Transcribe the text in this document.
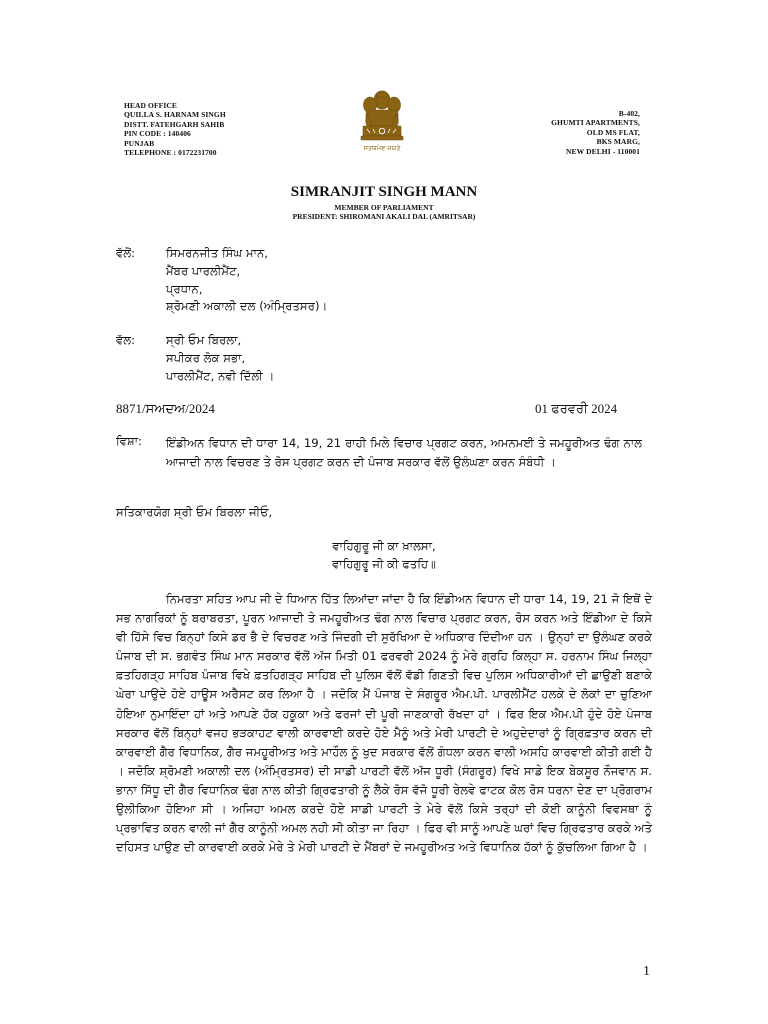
HEAD OFFICE
QUILLA S. HARNAM SINGH
DISTT. FATEHGARH SAHIB
PIN CODE : 140406
PUNJAB
TELEPHONE : 0172231700
ਸਤਯਮੇਵ ਜਯਤੇ
B-402,
GHUMTI APARTMENTS,
OLD MS FLAT,
BKS MARG,
NEW DELHI - 110001
SIMRANJIT SINGH MANN
MEMBER OF PARLIAMENT
PRESIDENT: SHIROMANI AKALI DAL (AMRITSAR)
ਵੱਲੋਂ:	ਸਿਮਰਨਜੀਤ ਸਿੰਘ ਮਾਨ,
ਮੈਂਬਰ ਪਾਰਲੀਮੈਂਟ,
ਪ੍ਰਧਾਨ,
ਸ਼੍ਰੋਮਣੀ ਅਕਾਲੀ ਦਲ (ਅੰਮ੍ਰਿਤਸਰ)।
ਵੱਲ:	ਸ੍ਰੀ ਓਮ ਬਿਰਲਾ,
ਸਪੀਕਰ ਲੋਕ ਸਭਾ,
ਪਾਰਲੀਮੈਂਟ, ਨਵੀ ਦਿੱਲੀ ।
8871/ਸਅਦਅ/2024	01 ਫਰਵਰੀ 2024
ਵਿਸ਼ਾ: ਇੰਡੀਅਨ ਵਿਧਾਨ ਦੀ ਧਾਰਾ 14, 19, 21 ਰਾਹੀ ਮਿਲੇ ਵਿਚਾਰ ਪ੍ਰਗਟ ਕਰਨ, ਅਮਨਮਈ ਤੇ ਜਮਹੂਰੀਅਤ ਢੰਗ ਨਾਲ ਆਜਾਦੀ ਨਾਲ ਵਿਚਰਣ ਤੇ ਰੋਸ ਪ੍ਰਗਟ ਕਰਨ ਦੀ ਪੰਜਾਬ ਸਰਕਾਰ ਵੱਲੋਂ ਉਲੰਘਣਾ ਕਰਨ ਸੰਬੰਧੀ ।
ਸਤਿਕਾਰਯੋਗ ਸ੍ਰੀ ਓਮ ਬਿਰਲਾ ਜੀਓ,
ਵਾਹਿਗੁਰੂ ਜੀ ਕਾ ਖ਼ਾਲਸਾ,
ਵਾਹਿਗੁਰੂ ਜੀ ਕੀ ਫਤਹਿ॥
ਨਿਮਰਤਾ ਸਹਿਤ ਆਪ ਜੀ ਦੇ ਧਿਆਨ ਹਿੱਤ ਲਿਆਂਦਾ ਜਾਂਦਾ ਹੈ ਕਿ ਇੰਡੀਅਨ ਵਿਧਾਨ ਦੀ ਧਾਰਾ 14, 19, 21 ਜੋ ਇਥੋਂ ਦੇ ਸਭ ਨਾਗਰਿਕਾਂ ਨੂੰ ਬਰਾਬਰਤਾ, ਪੂਰਨ ਆਜਾਦੀ ਤੇ ਜਮਹੂਰੀਅਤ ਢੰਗ ਨਾਲ ਵਿਚਾਰ ਪ੍ਰਗਟ ਕਰਨ, ਰੋਸ ਕਰਨ ਅਤੇ ਇੰਡੀਆ ਦੇ ਕਿਸੇ ਵੀ ਹਿੱਸੇ ਵਿਚ ਬਿਨ੍ਹਾਂ ਕਿਸੇ ਡਰ ਭੈ ਦੇ ਵਿਚਰਣ ਅਤੇ ਜਿੰਦਗੀ ਦੀ ਸੁਰੱਖਿਆ ਦੇ ਅਧਿਕਾਰ ਦਿੰਦੀਆ ਹਨ । ਉਨ੍ਹਾਂ ਦਾ ਉਲੰਘਣ ਕਰਕੇ ਪੰਜਾਬ ਦੀ ਸ. ਭਗਵੰਤ ਸਿੰਘ ਮਾਨ ਸਰਕਾਰ ਵੱਲੋਂ ਅੱਜ ਮਿਤੀ 01 ਫਰਵਰੀ 2024 ਨੂੰ ਮੇਰੇ ਗ੍ਰਹਿ ਕਿਲ੍ਹਾ ਸ. ਹਰਨਾਮ ਸਿੰਘ ਜਿਲ੍ਹਾ ਫ਼ਤਹਿਗੜ੍ਹ ਸਾਹਿਬ ਪੰਜਾਬ ਵਿਖੇ ਫ਼ਤਹਿਗੜ੍ਹ ਸਾਹਿਬ ਦੀ ਪੁਲਿਸ ਵੱਲੋਂ ਵੱਡੀ ਗਿਣਤੀ ਵਿਚ ਪੁਲਿਸ ਅਧਿਕਾਰੀਆਂ ਦੀ ਛਾਉਣੀ ਬਣਾਕੇ ਘੇਰਾ ਪਾਉਦੇ ਹੋਏ ਹਾਊਸ ਅਰੈਸਟ ਕਰ ਲਿਆ ਹੈ । ਜਦੋਕਿ ਮੈਂ ਪੰਜਾਬ ਦੇ ਸੰਗਰੂਰ ਐਮ.ਪੀ. ਪਾਰਲੀਮੈਂਟ ਹਲਕੇ ਦੇ ਲੋਕਾਂ ਦਾ ਚੁਣਿਆ ਹੋਇਆ ਨੁਮਾਇੰਦਾ ਹਾਂ ਅਤੇ ਆਪਣੇ ਹੱਕ ਹਕੂਕਾ ਅਤੇ ਫਰਜਾਂ ਦੀ ਪੂਰੀ ਜਾਣਕਾਰੀ ਰੱਖਦਾ ਹਾਂ । ਫਿਰ ਇਕ ਐਮ.ਪੀ ਹੁੰਦੇ ਹੋਏ ਪੰਜਾਬ ਸਰਕਾਰ ਵੱਲੋਂ ਬਿਨ੍ਹਾਂ ਵਜਹ ਭੜਕਾਹਟ ਵਾਲੀ ਕਾਰਵਾਈ ਕਰਦੇ ਹੋਏ ਮੈਨੂੰ ਅਤੇ ਮੇਰੀ ਪਾਰਟੀ ਦੇ ਅਹੁਦੇਦਾਰਾਂ ਨੂੰ ਗ੍ਰਿਫ਼ਤਾਰ ਕਰਨ ਦੀ ਕਾਰਵਾਈ ਗੈਰ ਵਿਧਾਨਿਕ, ਗੈਰ ਜਮਹੂਰੀਅਤ ਅਤੇ ਮਾਹੌਲ ਨੂੰ ਖੁਦ ਸਰਕਾਰ ਵੱਲੋਂ ਗੰਧਲਾ ਕਰਨ ਵਾਲੀ ਅਸਹਿ ਕਾਰਵਾਈ ਕੀਤੀ ਗਈ ਹੈ । ਜਦੋਕਿ ਸ਼੍ਰੋਮਣੀ ਅਕਾਲੀ ਦਲ (ਅੰਮ੍ਰਿਤਸਰ) ਦੀ ਸਾਡੀ ਪਾਰਟੀ ਵੱਲੋਂ ਅੱਜ ਧੂਰੀ (ਸੰਗਰੂਰ) ਵਿਖੇ ਸਾਡੇ ਇਕ ਬੇਕਸੂਰ ਨੌਜਵਾਨ ਸ. ਭਾਨਾ ਸਿੱਧੂ ਦੀ ਗੈਰ ਵਿਧਾਨਿਕ ਢੰਗ ਨਾਲ ਕੀਤੀ ਗ੍ਰਿਫਤਾਰੀ ਨੂੰ ਲੈਕੇ ਰੋਸ ਵੱਜੋ ਧੂਰੀ ਰੇਲਵੇ ਫਾਟਕ ਕੋਲ ਰੋਸ ਧਰਨਾ ਦੇਣ ਦਾ ਪ੍ਰੋਗਰਾਮ ਉਲੀਕਿਆ ਹੋਇਆ ਸੀ । ਅਜਿਹਾ ਅਮਲ ਕਰਦੇ ਹੋਏ ਸਾਡੀ ਪਾਰਟੀ ਤੇ ਮੇਰੇ ਵੱਲੋਂ ਕਿਸੇ ਤਰ੍ਹਾਂ ਦੀ ਕੋਈ ਕਾਨੂੰਨੀ ਵਿਵਸਥਾ ਨੂੰ ਪ੍ਰਭਾਵਿਤ ਕਰਨ ਵਾਲੀ ਜਾਂ ਗੈਰ ਕਾਨੂੰਨੀ ਅਮਲ ਨਹੀ ਸੀ ਕੀਤਾ ਜਾ ਰਿਹਾ । ਫਿਰ ਵੀ ਸਾਨੂੰ ਆਪਣੇ ਘਰਾਂ ਵਿਚ ਗ੍ਰਿਫਤਾਰ ਕਰਕੇ ਅਤੇ ਦਹਿਸਤ ਪਾਉਣ ਦੀ ਕਾਰਵਾਈ ਕਰਕੇ ਮੇਰੇ ਤੇ ਮੇਰੀ ਪਾਰਟੀ ਦੇ ਮੈਂਬਰਾਂ ਦੇ ਜਮਹੂਰੀਅਤ ਅਤੇ ਵਿਧਾਨਿਕ ਹੱਕਾਂ ਨੂੰ ਕੁੱਚਲਿਆ ਗਿਆ ਹੈ ।
1
